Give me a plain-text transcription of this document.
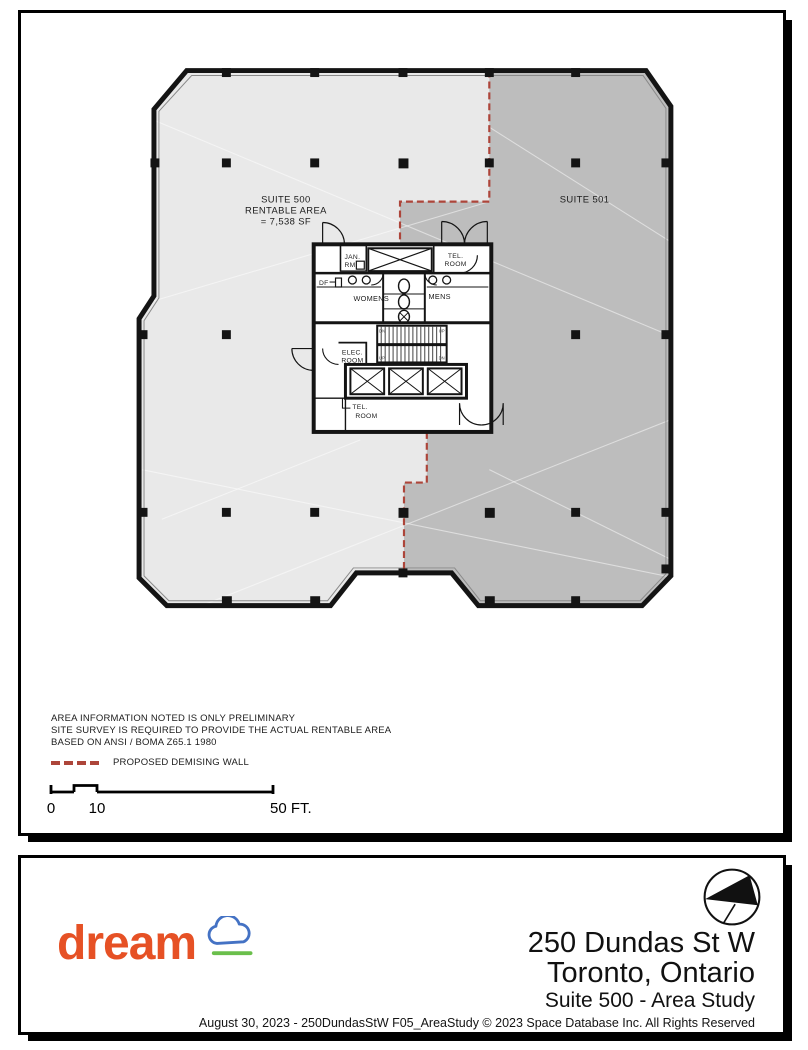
JAN.
RM
TEL.
ROOM
DF
WOMENS	MENS
ELEC.
ROOM
TEL.
ROOM
DN	UP
UP	DN
SUITE 500
RENTABLE AREA
= 7,538 SF
SUITE 501
AREA INFORMATION NOTED IS ONLY PRELIMINARY
SITE SURVEY IS REQUIRED TO PROVIDE THE ACTUAL RENTABLE AREA
BASED ON ANSI / BOMA Z65.1 1980
PROPOSED DEMISING WALL
0 10	50 FT.
dream	250 Dundas St W
Toronto, Ontario
Suite 500 - Area Study
August 30, 2023 - 250DundasStW F05_AreaStudy © 2023 Space Database Inc. All Rights Reserved
